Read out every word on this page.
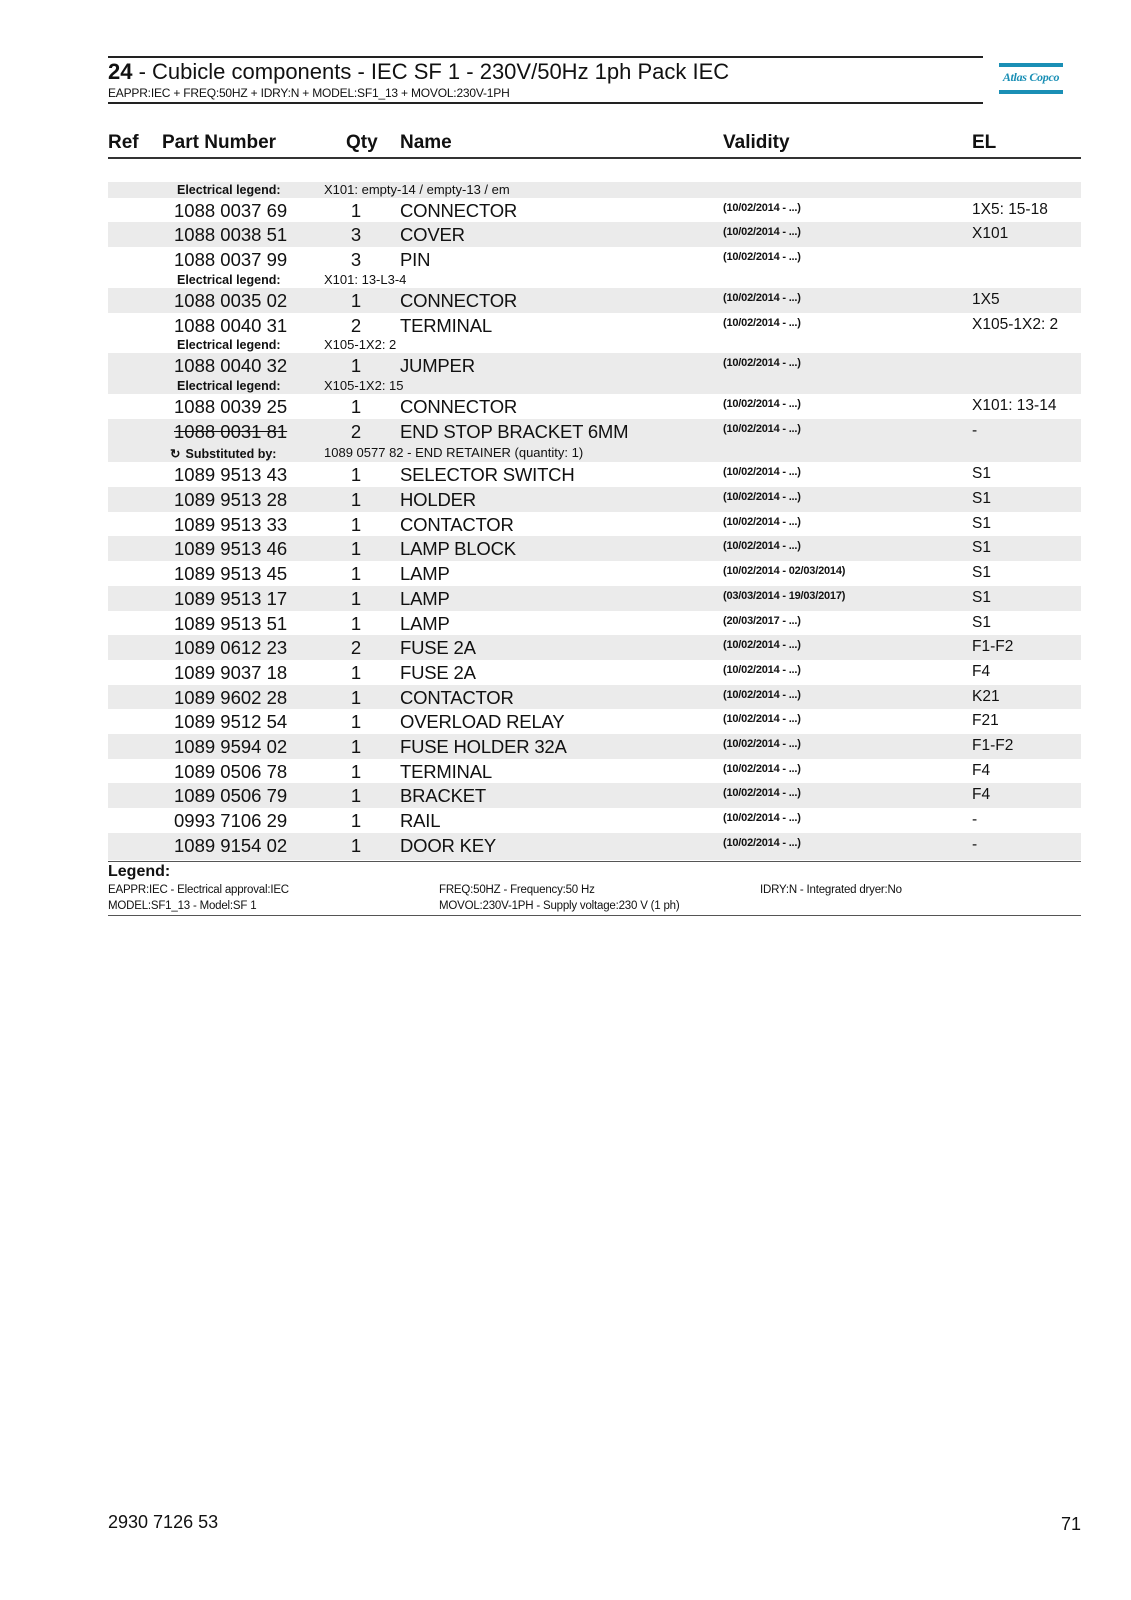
24 - Cubicle components - IEC SF 1 - 230V/50Hz 1ph Pack IEC
EAPPR:IEC + FREQ:50HZ + IDRY:N + MODEL:SF1_13 + MOVOL:230V-1PH
Atlas Copco
Ref Part Number	Qty Name	Validity	EL
Electrical legend:	X101: empty-14 / empty-13 / em
1088 0037 69	1 CONNECTOR	(10/02/2014 - ...)	1X5: 15-18
1088 0038 51	3 COVER	(10/02/2014 - ...)	X101
1088 0037 99	3 PIN	(10/02/2014 - ...)
Electrical legend:	X101: 13-L3-4
1088 0035 02	1 CONNECTOR	(10/02/2014 - ...)	1X5
1088 0040 31	2 TERMINAL	(10/02/2014 - ...)	X105-1X2: 2
Electrical legend:	X105-1X2: 2
1088 0040 32	1 JUMPER	(10/02/2014 - ...)
Electrical legend:	X105-1X2: 15
1088 0039 25	1 CONNECTOR	(10/02/2014 - ...)	X101: 13-14
1088 0031 81	2 END STOP BRACKET 6MM	(10/02/2014 - ...)	-
↻ Substituted by:	1089 0577 82 - END RETAINER (quantity: 1)
1089 9513 43	1 SELECTOR SWITCH	(10/02/2014 - ...)	S1
1089 9513 28	1 HOLDER	(10/02/2014 - ...)	S1
1089 9513 33	1 CONTACTOR	(10/02/2014 - ...)	S1
1089 9513 46	1 LAMP BLOCK	(10/02/2014 - ...)	S1
1089 9513 45	1 LAMP	(10/02/2014 - 02/03/2014)	S1
1089 9513 17	1 LAMP	(03/03/2014 - 19/03/2017)	S1
1089 9513 51	1 LAMP	(20/03/2017 - ...)	S1
1089 0612 23	2 FUSE 2A	(10/02/2014 - ...)	F1-F2
1089 9037 18	1 FUSE 2A	(10/02/2014 - ...)	F4
1089 9602 28	1 CONTACTOR	(10/02/2014 - ...)	K21
1089 9512 54	1 OVERLOAD RELAY	(10/02/2014 - ...)	F21
1089 9594 02	1 FUSE HOLDER 32A	(10/02/2014 - ...)	F1-F2
1089 0506 78	1 TERMINAL	(10/02/2014 - ...)	F4
1089 0506 79	1 BRACKET	(10/02/2014 - ...)	F4
0993 7106 29	1 RAIL	(10/02/2014 - ...)	-
1089 9154 02	1 DOOR KEY	(10/02/2014 - ...)	-
Legend:
EAPPR:IEC - Electrical approval:IEC	FREQ:50HZ - Frequency:50 Hz	IDRY:N - Integrated dryer:No
MODEL:SF1_13 - Model:SF 1	MOVOL:230V-1PH - Supply voltage:230 V (1 ph)
2930 7126 53	71
